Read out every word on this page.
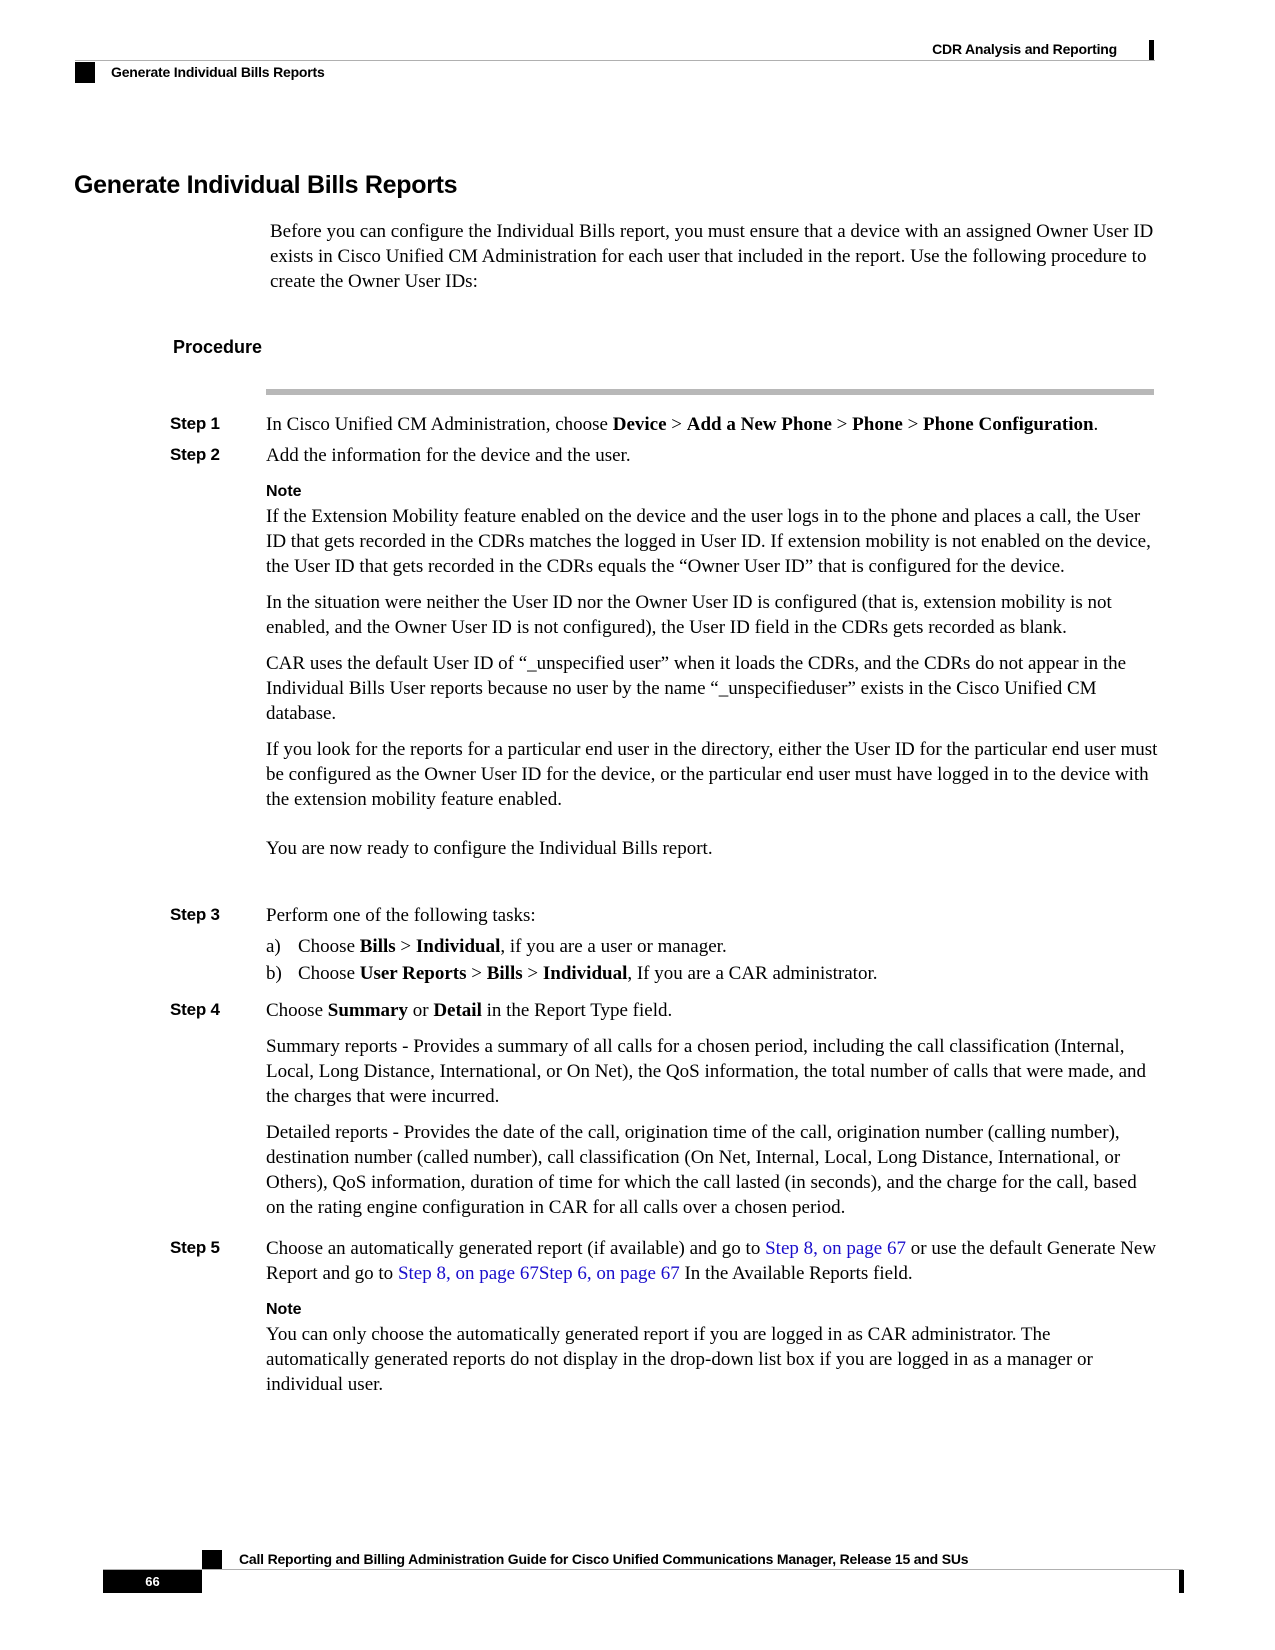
CDR Analysis and Reporting
Generate Individual Bills Reports
Generate Individual Bills Reports

Before you can configure the Individual Bills report, you must ensure that a device with an assigned Owner User ID exists in Cisco Unified CM Administration for each user that included in the report. Use the following procedure to create the Owner User IDs:

Procedure
Step 1 In Cisco Unified CM Administration, choose Device > Add a New Phone > Phone > Phone Configuration.
Step 2 Add the information for the device and the user.

Note

If the Extension Mobility feature enabled on the device and the user logs in to the phone and places a call, the User ID that gets recorded in the CDRs matches the logged in User ID. If extension mobility is not enabled on the device, the User ID that gets recorded in the CDRs equals the “Owner User ID” that is configured for the device.

In the situation were neither the User ID nor the Owner User ID is configured (that is, extension mobility is not enabled, and the Owner User ID is not configured), the User ID field in the CDRs gets recorded as blank.

CAR uses the default User ID of “_unspecified user” when it loads the CDRs, and the CDRs do not appear in the Individual Bills User reports because no user by the name “_unspecifieduser” exists in the Cisco Unified CM database.

If you look for the reports for a particular end user in the directory, either the User ID for the particular end user must be configured as the Owner User ID for the device, or the particular end user must have logged in to the device with the extension mobility feature enabled.

You are now ready to configure the Individual Bills report.

Step 3 Perform one of the following tasks:

a) Choose Bills > Individual, if you are a user or manager.
b) Choose User Reports > Bills > Individual, If you are a CAR administrator.
Step 4 Choose Summary or Detail in the Report Type field.

Summary reports - Provides a summary of all calls for a chosen period, including the call classification (Internal, Local, Long Distance, International, or On Net), the QoS information, the total number of calls that were made, and the charges that were incurred.

Detailed reports - Provides the date of the call, origination time of the call, origination number (calling number), destination number (called number), call classification (On Net, Internal, Local, Long Distance, International, or Others), QoS information, duration of time for which the call lasted (in seconds), and the charge for the call, based on the rating engine configuration in CAR for all calls over a chosen period.

Step 5 Choose an automatically generated report (if available) and go to Step 8, on page 67 or use the default Generate New Report and go to Step 8, on page 67Step 6, on page 67 In the Available Reports field.

Note

You can only choose the automatically generated report if you are logged in as CAR administrator. The automatically generated reports do not display in the drop-down list box if you are logged in as a manager or individual user.

Call Reporting and Billing Administration Guide for Cisco Unified Communications Manager, Release 15 and SUs
66
